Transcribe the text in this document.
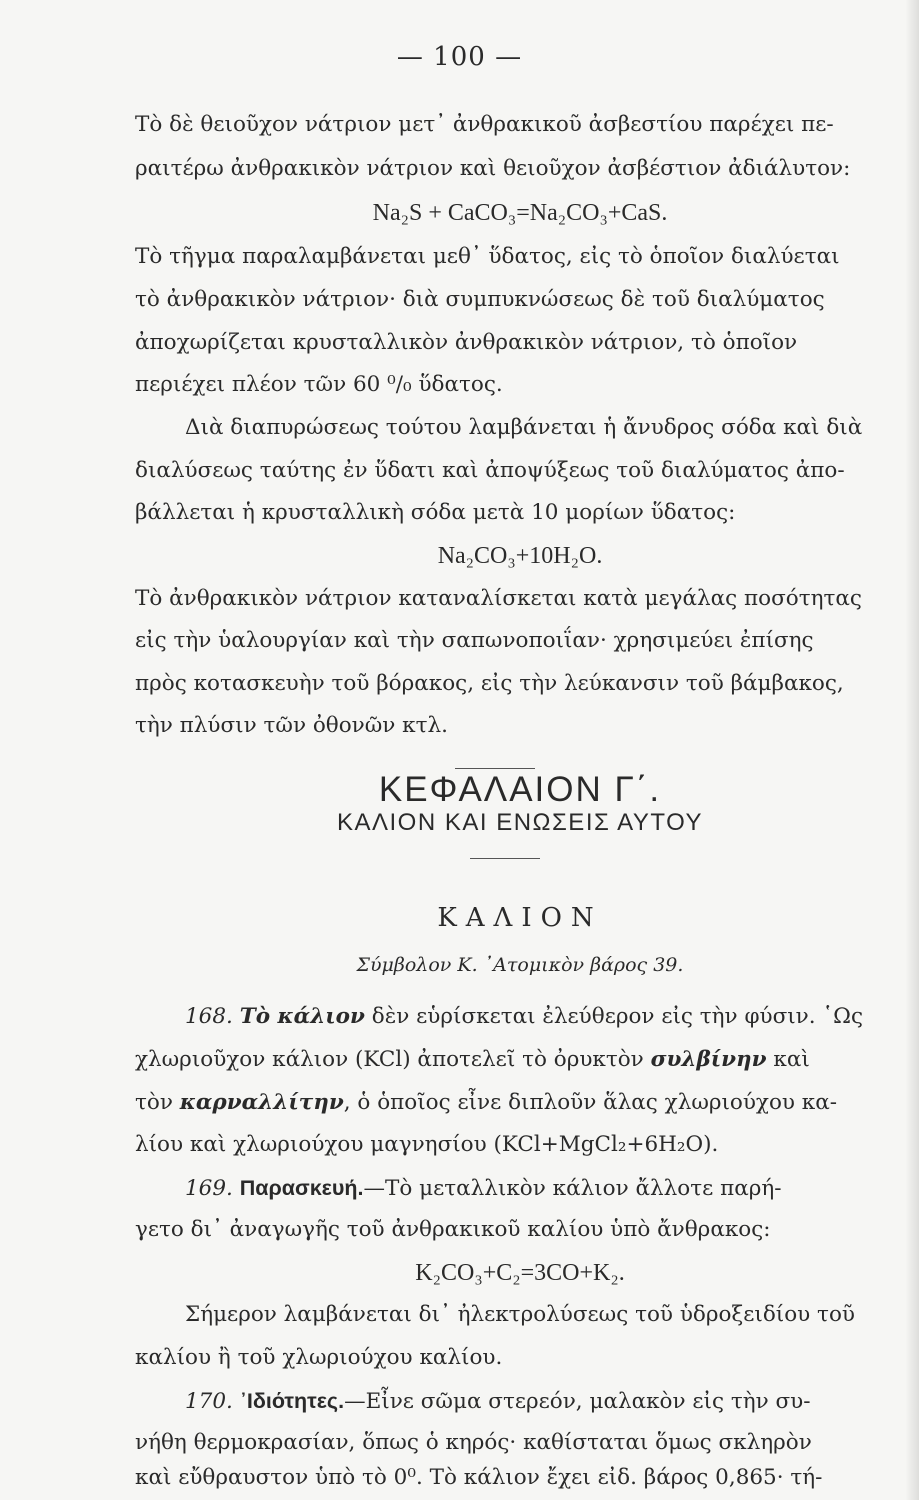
— 100 —
Τὸ δὲ θειοῦχον νάτριον μετ᾿ ἀνθρακικοῦ ἀσβεστίου παρέχει πε-
ραιτέρω ἀνθρακικὸν νάτριον καὶ θειοῦχον ἀσβέστιον ἀδιάλυτον:
Na₂S + CaCO₃=Na₂CO₃+CaS.
Τὸ τῆγμα παραλαμβάνεται μεθ᾿ ὕδατος, εἰς τὸ ὁποῖον διαλύεται
τὸ ἀνθρακικὸν νάτριον· διὰ συμπυκνώσεως δὲ τοῦ διαλύματος
ἀποχωρίζεται κρυσταλλικὸν ἀνθρακικὸν νάτριον, τὸ ὁποῖον
περιέχει πλέον τῶν 60 ⁰/₀ ὕδατος.
Διὰ διαπυρώσεως τούτου λαμβάνεται ἡ ἄνυδρος σόδα καὶ διὰ
διαλύσεως ταύτης ἐν ὕδατι καὶ ἀποψύξεως τοῦ διαλύματος ἀπο-
βάλλεται ἡ κρυσταλλικὴ σόδα μετὰ 10 μορίων ὕδατος:
Na₂CO₃+10H₂O.
Τὸ ἀνθρακικὸν νάτριον καταναλίσκεται κατὰ μεγάλας ποσότητας
εἰς τὴν ὑαλουργίαν καὶ τὴν σαπωνοποιΐαν· χρησιμεύει ἐπίσης
πρὸς κοτασκευὴν τοῦ βόρακος, εἰς τὴν λεύκανσιν τοῦ βάμβακος,
τὴν πλύσιν τῶν ὀθονῶν κτλ.
ΚΕΦΑΛΑΙΟΝ Γ΄.
ΚΑΛΙΟΝ ΚΑΙ ΕΝΩΣΕΙΣ ΑΥΤΟΥ
ΚΑΛΙΟΝ
Σύμβολον Κ. ᾿Ατομικὸν βάρος 39.
168. Τὸ κάλιον δὲν εὑρίσκεται ἐλεύθερον εἰς τὴν φύσιν. ῾Ως
χλωριοῦχον κάλιον (KCl) ἀποτελεῖ τὸ ὀρυκτὸν συλβίνην καὶ
τὸν καρναλλίτην, ὁ ὁποῖος εἶνε διπλοῦν ἅλας χλωριούχου κα-
λίου καὶ χλωριούχου μαγνησίου (KCl+MgCl₂+6H₂O).
169. Παρασκευή.—Τὸ μεταλλικὸν κάλιον ἄλλοτε παρή-
γετο δι᾿ ἀναγωγῆς τοῦ ἀνθρακικοῦ καλίου ὑπὸ ἄνθρακος:
K₂CO₃+C₂=3CO+K₂.
Σήμερον λαμβάνεται δι᾿ ἠλεκτρολύσεως τοῦ ὑδροξειδίου τοῦ
καλίου ἢ τοῦ χλωριούχου καλίου.
170. ᾿Ιδιότητες.—Εἶνε σῶμα στερεόν, μαλακὸν εἰς τὴν συ-
νήθη θερμοκρασίαν, ὅπως ὁ κηρός· καθίσταται ὅμως σκληρὸν
καὶ εὔθραυστον ὑπὸ τὸ 0⁰. Τὸ κάλιον ἔχει εἰδ. βάρος 0,865· τή-
